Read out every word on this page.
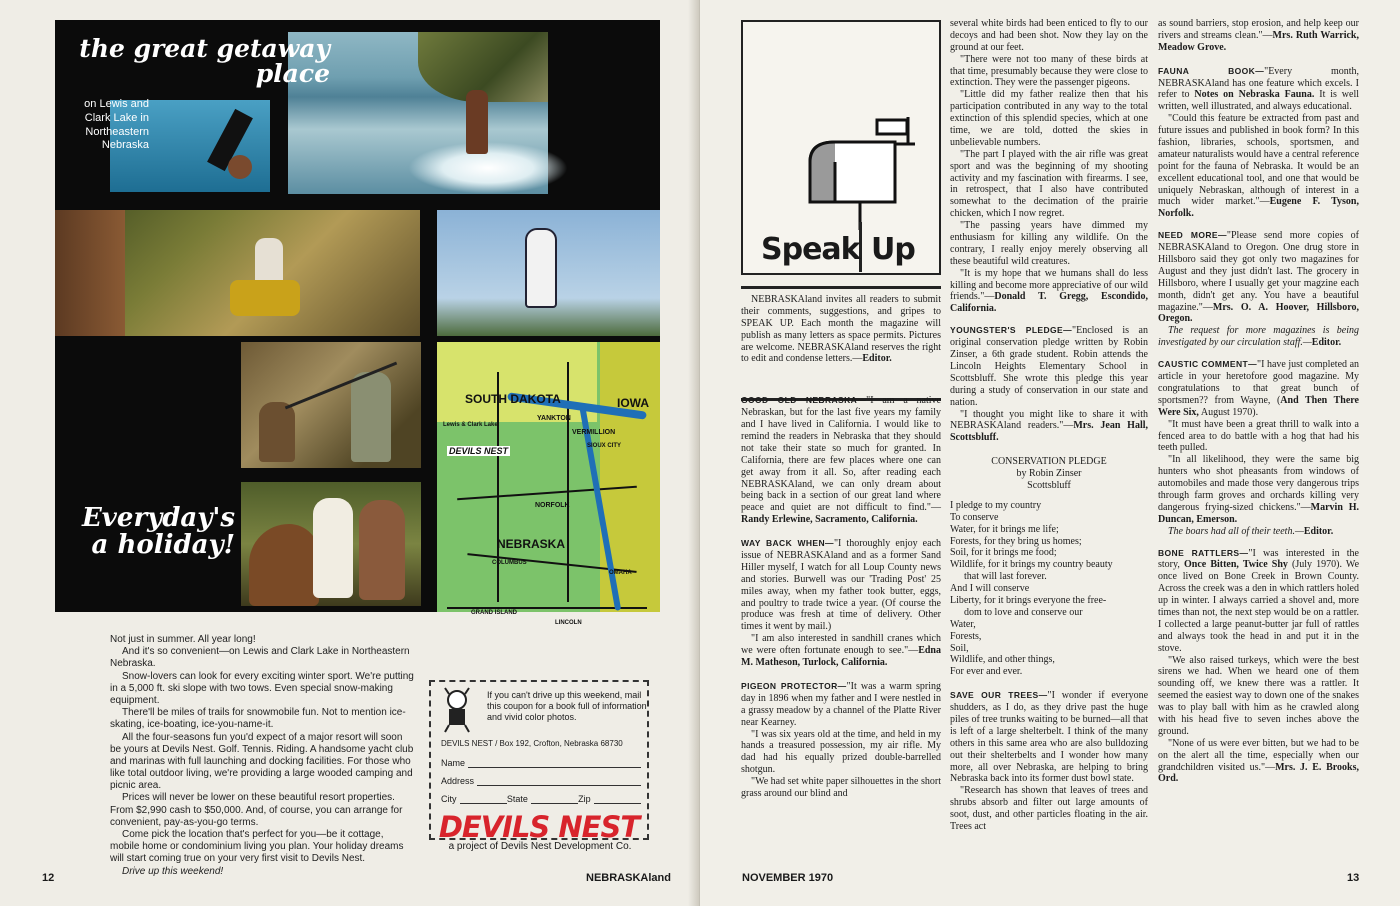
the great getaway place
on Lewis and Clark Lake in Northeastern Nebraska
SOUTH DAKOTA	IOWA
Lewis & Clark Lake
DEVILS NEST
YANKTON
VERMILLION
SIOUX CITY
NORFOLK
NEBRASKA
COLUMBUS
OMAHA
GRAND ISLAND
LINCOLN
Everyday's a holiday!

Not just in summer. All year long!

And it's so convenient—on Lewis and Clark Lake in Northeastern Nebraska.

Snow-lovers can look for every exciting winter sport. We're putting in a 5,000 ft. ski slope with two tows. Even special snow-making equipment.

There'll be miles of trails for snowmobile fun. Not to mention ice-skating, ice-boating, ice-you-name-it.

All the four-seasons fun you'd expect of a major resort will soon be yours at Devils Nest. Golf. Tennis. Riding. A handsome yacht club and marinas with full launching and docking facilities. For those who like total outdoor living, we're providing a large wooded camping and picnic area.

Prices will never be lower on these beautiful resort properties. From $2,990 cash to $50,000. And, of course, you can arrange for convenient, pay-as-you-go terms.

Come pick the location that's perfect for you—be it cottage, mobile home or condominium living you plan. Your holiday dreams will start coming true on your very first visit to Devils Nest.

Drive up this weekend!

If you can't drive up this weekend, mail this coupon for a book full of information and vivid color photos.
DEVILS NEST / Box 192, Crofton, Nebraska 68730
Name
Address
City	State	Zip
DEVILS NEST
a project of Devils Nest Development Co.
12	NEBRASKAland
Speak Up

NEBRASKAland invites all readers to submit their comments, suggestions, and gripes to SPEAK UP. Each month the magazine will publish as many letters as space permits. Pictures are welcome. NEBRASKAland reserves the right to edit and condense letters.—Editor.

GOOD OLD NEBRASKA—"I am a native Nebraskan, but for the last five years my family and I have lived in California. I would like to remind the readers in Nebraska that they should not take their state so much for granted. In California, there are few places where one can get away from it all. So, after reading each NEBRASKAland, we can only dream about being back in a section of our great land where peace and quiet are not difficult to find."—Randy Erlewine, Sacramento, California.

WAY BACK WHEN—"I thoroughly enjoy each issue of NEBRASKAland and as a former Sand Hiller myself, I watch for all Loup County news and stories. Burwell was our 'Trading Post' 25 miles away, when my father took butter, eggs, and poultry to trade twice a year. (Of course the produce was fresh at time of delivery. Other times it went by mail.)

"I am also interested in sandhill cranes which we were often fortunate enough to see."—Edna M. Matheson, Turlock, California.

PIGEON PROTECTOR—"It was a warm spring day in 1896 when my father and I were nestled in a grassy meadow by a channel of the Platte River near Kearney.

"I was six years old at the time, and held in my hands a treasured possession, my air rifle. My dad had his equally prized double-barrelled shotgun.

"We had set white paper silhouettes in the short grass around our blind and

several white birds had been enticed to fly to our decoys and had been shot. Now they lay on the ground at our feet.

"There were not too many of these birds at that time, presumably because they were close to extinction. They were the passenger pigeons.

"Little did my father realize then that his participation contributed in any way to the total extinction of this splendid species, which at one time, we are told, dotted the skies in unbelievable numbers.

"The part I played with the air rifle was great sport and was the beginning of my shooting activity and my fascination with firearms. I see, in retrospect, that I also have contributed somewhat to the decimation of the prairie chicken, which I now regret.

"The passing years have dimmed my enthusiasm for killing any wildlife. On the contrary, I really enjoy merely observing all these beautiful wild creatures.

"It is my hope that we humans shall do less killing and become more appreciative of our wild friends."—Donald T. Gregg, Escondido, California.

YOUNGSTER'S PLEDGE—"Enclosed is an original conservation pledge written by Robin Zinser, a 6th grade student. Robin attends the Lincoln Heights Elementary School in Scottsbluff. She wrote this pledge this year during a study of conservation in our state and nation.

"I thought you might like to share it with NEBRASKAland readers."—Mrs. Jean Hall, Scottsbluff.

CONSERVATION PLEDGE
by Robin Zinser
Scottsbluff

I pledge to my country
To conserve
Water, for it brings me life;
Forests, for they bring us homes;
Soil, for it brings me food;
Wildlife, for it brings my country beauty

that will last forever.

And I will conserve
Liberty, for it brings everyone the free-

dom to love and conserve our

Water,
Forests,
Soil,
Wildlife, and other things,
For ever and ever.

SAVE OUR TREES—"I wonder if everyone shudders, as I do, as they drive past the huge piles of tree trunks waiting to be burned—all that is left of a large shelterbelt. I think of the many others in this same area who are also bulldozing out their shelterbelts and I wonder how many more, all over Nebraska, are helping to bring Nebraska back into its former dust bowl state.

"Research has shown that leaves of trees and shrubs absorb and filter out large amounts of soot, dust, and other particles floating in the air. Trees act

as sound barriers, stop erosion, and help keep our rivers and streams clean."—Mrs. Ruth Warrick, Meadow Grove.

FAUNA BOOK—"Every month, NEBRASKAland has one feature which excels. I refer to Notes on Nebraska Fauna. It is well written, well illustrated, and always educational.

"Could this feature be extracted from past and future issues and published in book form? In this fashion, libraries, schools, sportsmen, and amateur naturalists would have a central reference point for the fauna of Nebraska. It would be an excellent educational tool, and one that would be uniquely Nebraskan, although of interest in a much wider market."—Eugene F. Tyson, Norfolk.

NEED MORE—"Please send more copies of NEBRASKAland to Oregon. One drug store in Hillsboro said they got only two magazines for August and they just didn't last. The grocery in Hillsboro, where I usually get your magzine each month, didn't get any. You have a beautiful magazine."—Mrs. O. A. Hoover, Hillsboro, Oregon.

The request for more magazines is being investigated by our circulation staff.—Editor.

CAUSTIC COMMENT—"I have just completed an article in your heretofore good magazine. My congratulations to that great bunch of sportsmen?? from Wayne, (And Then There Were Six, August 1970).

"It must have been a great thrill to walk into a fenced area to do battle with a hog that had his teeth pulled.

"In all likelihood, they were the same big hunters who shot pheasants from windows of automobiles and made those very dangerous trips through farm groves and orchards killing very dangerous frying-sized chickens."—Marvin H. Duncan, Emerson.

The boars had all of their teeth.—Editor.

BONE RATTLERS—"I was interested in the story, Once Bitten, Twice Shy (July 1970). We once lived on Bone Creek in Brown County. Across the creek was a den in which rattlers holed up in winter. I always carried a shovel and, more times than not, the next step would be on a rattler. I collected a large peanut-butter jar full of rattles and always took the head in and put it in the stove.

"We also raised turkeys, which were the best sirens we had. When we heard one of them sounding off, we knew there was a rattler. It seemed the easiest way to down one of the snakes was to play ball with him as he crawled along with his head five to seven inches above the ground.

"None of us were ever bitten, but we had to be on the alert all the time, especially when our grandchildren visited us."—Mrs. J. E. Brooks, Ord.

NOVEMBER 1970	13
